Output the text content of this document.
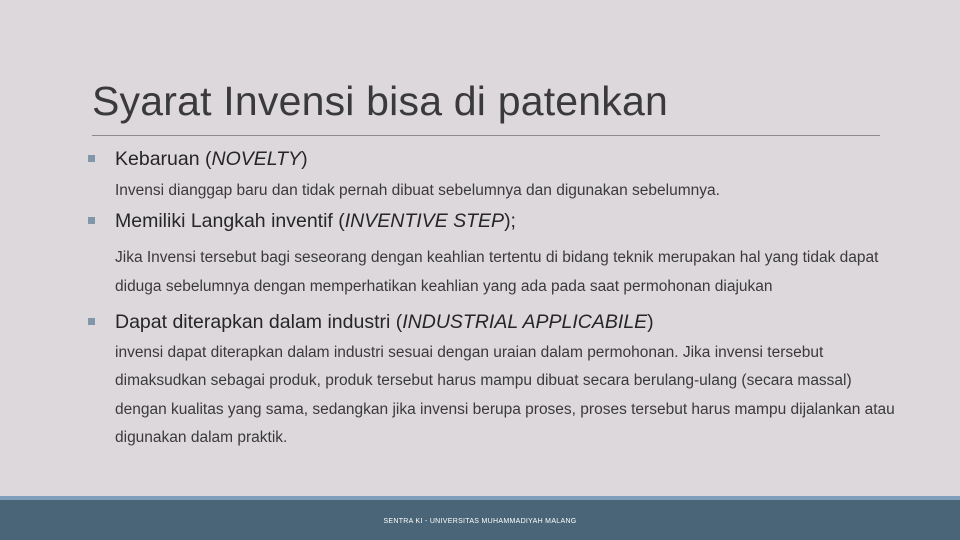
Syarat Invensi bisa di patenkan
Kebaruan (NOVELTY)
Invensi dianggap baru dan tidak pernah dibuat sebelumnya dan digunakan sebelumnya.
Memiliki Langkah inventif (INVENTIVE STEP);
Jika Invensi tersebut bagi seseorang dengan keahlian tertentu di bidang teknik merupakan hal yang tidak dapat diduga sebelumnya dengan memperhatikan keahlian yang ada pada saat permohonan diajukan
Dapat diterapkan dalam industri (INDUSTRIAL APPLICABILE)
invensi dapat diterapkan dalam industri sesuai dengan uraian dalam permohonan. Jika invensi tersebut dimaksudkan sebagai produk, produk tersebut harus mampu dibuat secara berulang-ulang (secara massal) dengan kualitas yang sama, sedangkan jika invensi berupa proses, proses tersebut harus mampu dijalankan atau digunakan dalam praktik.
SENTRA KI - UNIVERSITAS MUHAMMADIYAH MALANG
